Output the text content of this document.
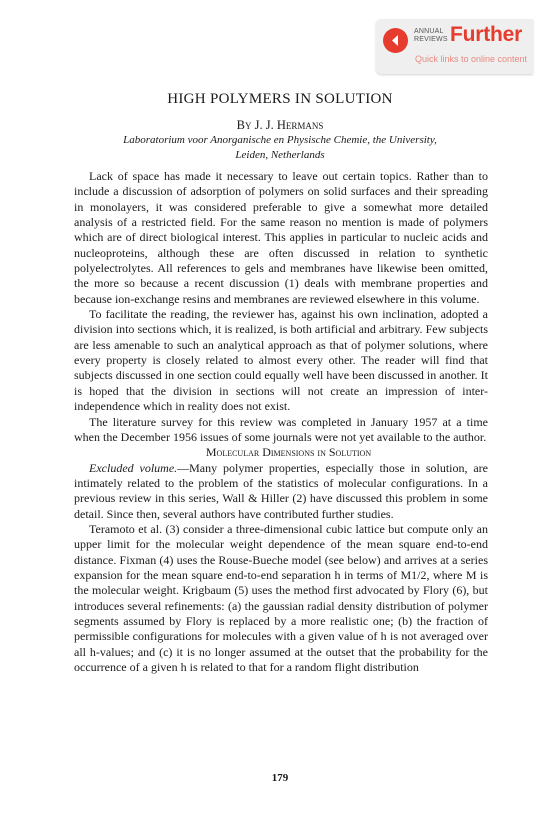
ANNUAL
REVIEWS Further
Quick links to online content
HIGH POLYMERS IN SOLUTION
By J. J. Hermans
Laboratorium voor Anorganische en Physische Chemie, the University,
Leiden, Netherlands

Lack of space has made it necessary to leave out certain topics. Rather than to include a discussion of adsorption of polymers on solid surfaces and their spreading in monolayers, it was considered preferable to give a somewhat more detailed analysis of a restricted field. For the same reason no mention is made of polymers which are of direct biological interest. This applies in particular to nucleic acids and nucleoproteins, although these are often discussed in relation to synthetic polyelectrolytes. All references to gels and membranes have likewise been omitted, the more so because a recent discussion (1) deals with membrane properties and because ion-exchange resins and membranes are reviewed elsewhere in this volume.

To facilitate the reading, the reviewer has, against his own inclination, adopted a division into sections which, it is realized, is both artificial and arbitrary. Few subjects are less amenable to such an analytical approach as that of polymer solutions, where every property is closely related to almost every other. The reader will find that subjects discussed in one section could equally well have been discussed in another. It is hoped that the division in sections will not create an impression of inter-independence which in reality does not exist.

The literature survey for this review was completed in January 1957 at a time when the December 1956 issues of some journals were not yet available to the author.

Molecular Dimensions in Solution

Excluded volume.—Many polymer properties, especially those in solution, are intimately related to the problem of the statistics of molecular configurations. In a previous review in this series, Wall & Hiller (2) have discussed this problem in some detail. Since then, several authors have contributed further studies.

Teramoto et al. (3) consider a three-dimensional cubic lattice but compute only an upper limit for the molecular weight dependence of the mean square end-to-end distance. Fixman (4) uses the Rouse-Bueche model (see below) and arrives at a series expansion for the mean square end-to-end separation h in terms of M1/2, where M is the molecular weight. Krigbaum (5) uses the method first advocated by Flory (6), but introduces several refinements: (a) the gaussian radial density distribution of polymer segments assumed by Flory is replaced by a more realistic one; (b) the fraction of permissible configurations for molecules with a given value of h is not averaged over all h-values; and (c) it is no longer assumed at the outset that the probability for the occurrence of a given h is related to that for a random flight distribution

179
